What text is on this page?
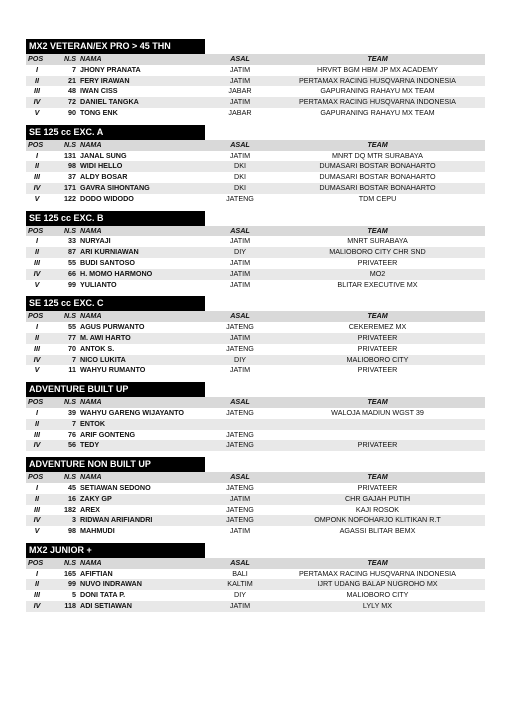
MX2 VETERAN/EX PRO > 45 THN
POS	N.S NAMA	ASAL	TEAM
I	7 JHONY PRANATA	JATIM	HRVRT BGM HBM JP MX ACADEMY
II	21 FERY IRAWAN	JATIM	PERTAMAX RACING HUSQVARNA INDONESIA
III	48 IWAN CISS	JABAR	GAPURANING RAHAYU MX TEAM
IV	72 DANIEL TANGKA	JATIM	PERTAMAX RACING HUSQVARNA INDONESIA
V	90 TONG ENK	JABAR	GAPURANING RAHAYU MX TEAM
SE 125 cc EXC. A
POS	N.S NAMA	ASAL	TEAM
I	131 JANAL SUNG	JATIM	MNRT DQ MTR SURABAYA
II	98 WIDI HELLO	DKI	DUMASARI BOSTAR BONAHARTO
III	37 ALDY BOSAR	DKI	DUMASARI BOSTAR BONAHARTO
IV	171 GAVRA SIHONTANG	DKI	DUMASARI BOSTAR BONAHARTO
V	122 DODO WIDODO	JATENG	TDM CEPU
SE 125 cc EXC. B
POS	N.S NAMA	ASAL	TEAM
I	33 NURYAJI	JATIM	MNRT SURABAYA
II	87 ARI KURNIAWAN	DIY	MALIOBORO CITY CHR SND
III	55 BUDI SANTOSO	JATIM	PRIVATEER
IV	66 H. MOMO HARMONO	JATIM	MO2
V	99 YULIANTO	JATIM	BLITAR EXECUTIVE MX
SE 125 cc EXC. C
POS	N.S NAMA	ASAL	TEAM
I	55 AGUS PURWANTO	JATENG	CEKEREMEZ MX
II	77 M. AWI HARTO	JATIM	PRIVATEER
III	70 ANTOK S.	JATENG	PRIVATEER
IV	7 NICO LUKITA	DIY	MALIOBORO CITY
V	11 WAHYU RUMANTO	JATIM	PRIVATEER
ADVENTURE BUILT UP
POS	N.S NAMA	ASAL	TEAM
I	39 WAHYU GARENG WIJAYANTO	JATENG	WALOJA MADIUN WGST 39
II	7 ENTOK
III	76 ARIF GONTENG	JATENG
IV	56 TEDY	JATENG	PRIVATEER
ADVENTURE NON BUILT UP
POS	N.S NAMA	ASAL	TEAM
I	45 SETIAWAN SEDONO	JATENG	PRIVATEER
II	16 ZAKY GP	JATIM	CHR GAJAH PUTIH
III	182 AREX	JATENG	KAJI ROSOK
IV	3 RIDWAN ARIFIANDRI	JATENG	OMPONK NOFOHARJO KLITIKAN R.T
V	98 MAHMUDI	JATIM	AGASSI BLITAR BEMX
MX2 JUNIOR +
POS	N.S NAMA	ASAL	TEAM
I	165 AFIFTIAN	BALI	PERTAMAX RACING HUSQVARNA INDONESIA
II	99 NUVO INDRAWAN	KALTIM	IJRT UDANG BALAP NUGROHO MX
III	5 DONI TATA P.	DIY	MALIOBORO CITY
IV	118 ADI SETIAWAN	JATIM	LYLY MX
